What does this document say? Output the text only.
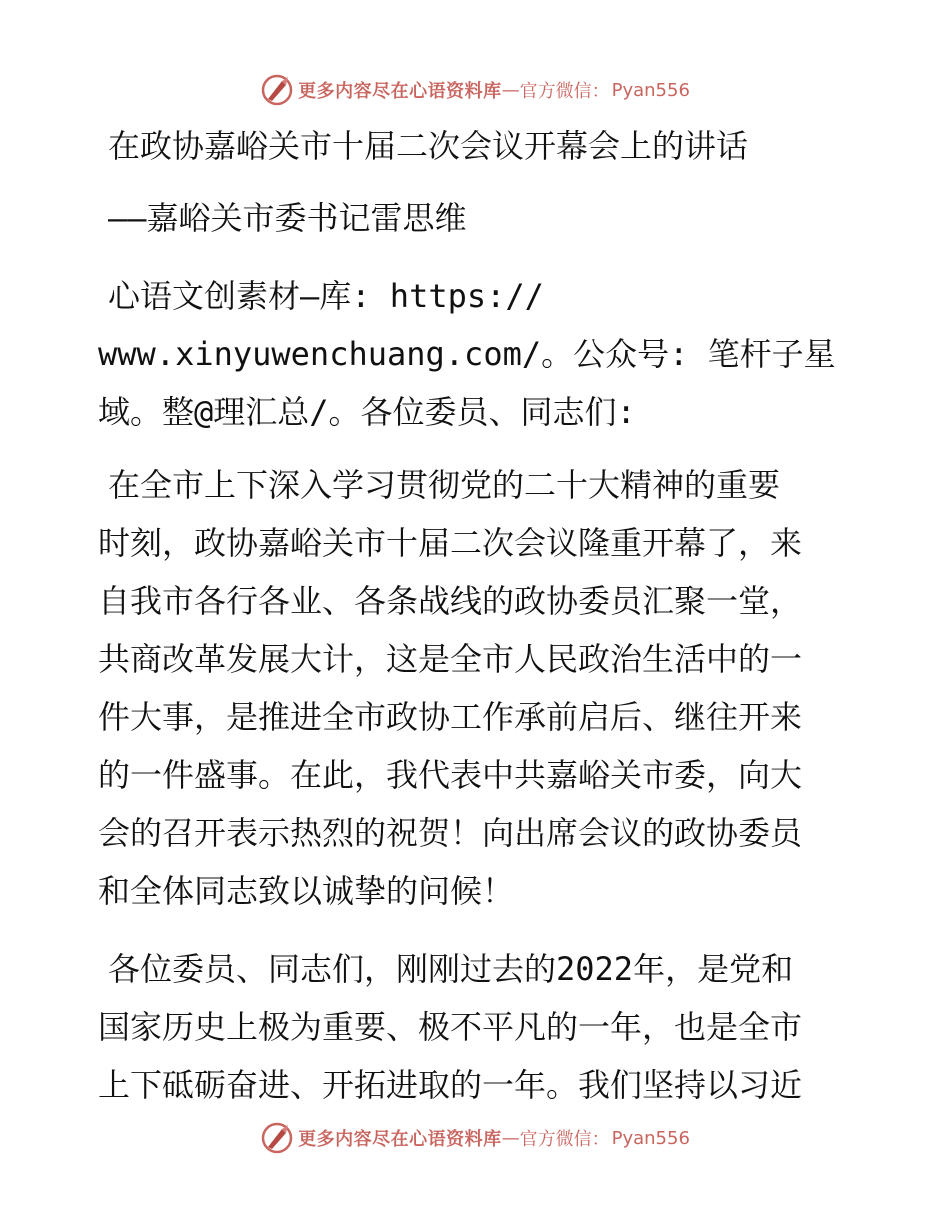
更多内容尽在心语资料库 — 官方微信： Pyan556
在政协嘉峪关市十届二次会议开幕会上的讲话
——嘉峪关市委书记雷思维
心语文创素材—库: https://
www.xinyuwenchuang.com/。公众号: 笔杆子星
域。整@理汇总/。各位委员、同志们:
在全市上下深入学习贯彻党的二十大精神的重要
时刻，政协嘉峪关市十届二次会议隆重开幕了，来
自我市各行各业、各条战线的政协委员汇聚一堂，
共商改革发展大计，这是全市人民政治生活中的一
件大事，是推进全市政协工作承前启后、继往开来
的一件盛事。在此，我代表中共嘉峪关市委，向大
会的召开表示热烈的祝贺！向出席会议的政协委员
和全体同志致以诚挚的问候！
各位委员、同志们，刚刚过去的2022年，是党和
国家历史上极为重要、极不平凡的一年，也是全市
上下砥砺奋进、开拓进取的一年。我们坚持以习近
更多内容尽在心语资料库 — 官方微信： Pyan556
